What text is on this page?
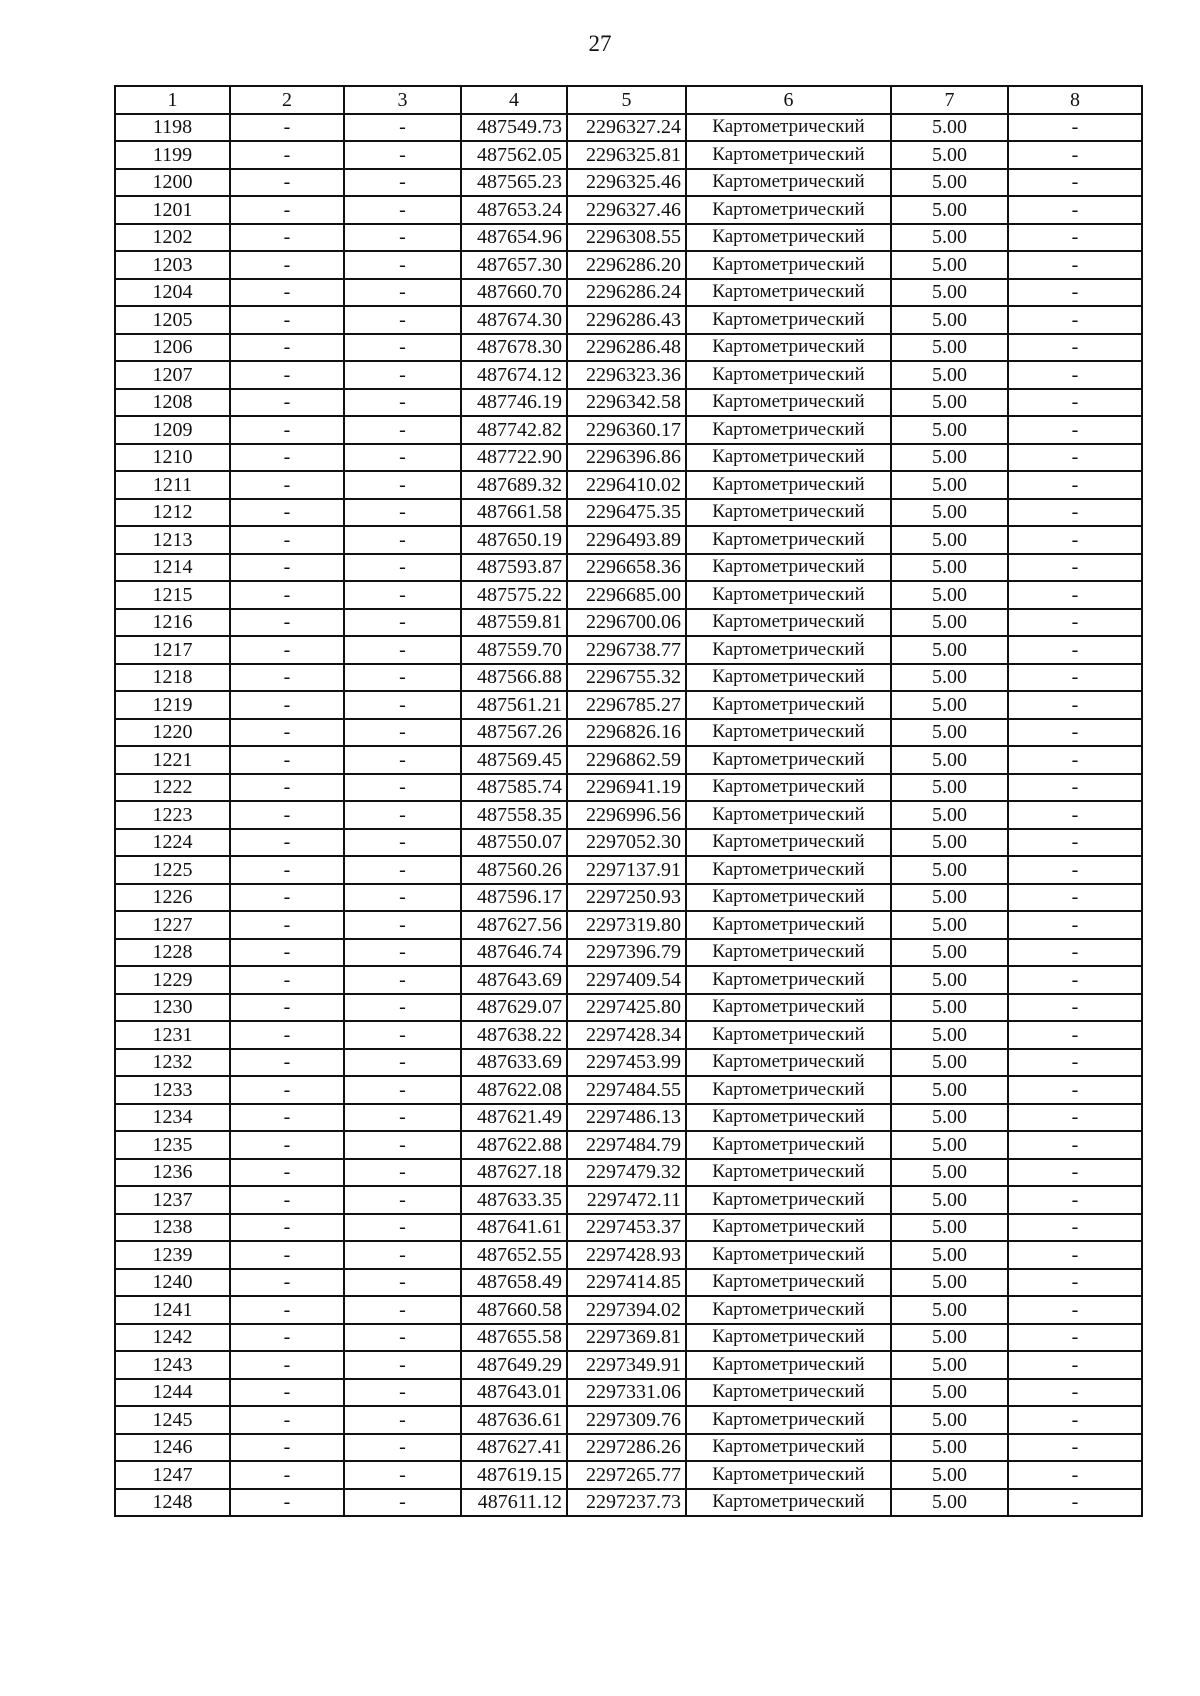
27
1	2	3	4	5	6	7	8
1198	-	-	487549.73	2296327.24	Картометрический	5.00	-
1199	-	-	487562.05	2296325.81	Картометрический	5.00	-
1200	-	-	487565.23	2296325.46	Картометрический	5.00	-
1201	-	-	487653.24	2296327.46	Картометрический	5.00	-
1202	-	-	487654.96	2296308.55	Картометрический	5.00	-
1203	-	-	487657.30	2296286.20	Картометрический	5.00	-
1204	-	-	487660.70	2296286.24	Картометрический	5.00	-
1205	-	-	487674.30	2296286.43	Картометрический	5.00	-
1206	-	-	487678.30	2296286.48	Картометрический	5.00	-
1207	-	-	487674.12	2296323.36	Картометрический	5.00	-
1208	-	-	487746.19	2296342.58	Картометрический	5.00	-
1209	-	-	487742.82	2296360.17	Картометрический	5.00	-
1210	-	-	487722.90	2296396.86	Картометрический	5.00	-
1211	-	-	487689.32	2296410.02	Картометрический	5.00	-
1212	-	-	487661.58	2296475.35	Картометрический	5.00	-
1213	-	-	487650.19	2296493.89	Картометрический	5.00	-
1214	-	-	487593.87	2296658.36	Картометрический	5.00	-
1215	-	-	487575.22	2296685.00	Картометрический	5.00	-
1216	-	-	487559.81	2296700.06	Картометрический	5.00	-
1217	-	-	487559.70	2296738.77	Картометрический	5.00	-
1218	-	-	487566.88	2296755.32	Картометрический	5.00	-
1219	-	-	487561.21	2296785.27	Картометрический	5.00	-
1220	-	-	487567.26	2296826.16	Картометрический	5.00	-
1221	-	-	487569.45	2296862.59	Картометрический	5.00	-
1222	-	-	487585.74	2296941.19	Картометрический	5.00	-
1223	-	-	487558.35	2296996.56	Картометрический	5.00	-
1224	-	-	487550.07	2297052.30	Картометрический	5.00	-
1225	-	-	487560.26	2297137.91	Картометрический	5.00	-
1226	-	-	487596.17	2297250.93	Картометрический	5.00	-
1227	-	-	487627.56	2297319.80	Картометрический	5.00	-
1228	-	-	487646.74	2297396.79	Картометрический	5.00	-
1229	-	-	487643.69	2297409.54	Картометрический	5.00	-
1230	-	-	487629.07	2297425.80	Картометрический	5.00	-
1231	-	-	487638.22	2297428.34	Картометрический	5.00	-
1232	-	-	487633.69	2297453.99	Картометрический	5.00	-
1233	-	-	487622.08	2297484.55	Картометрический	5.00	-
1234	-	-	487621.49	2297486.13	Картометрический	5.00	-
1235	-	-	487622.88	2297484.79	Картометрический	5.00	-
1236	-	-	487627.18	2297479.32	Картометрический	5.00	-
1237	-	-	487633.35	2297472.11	Картометрический	5.00	-
1238	-	-	487641.61	2297453.37	Картометрический	5.00	-
1239	-	-	487652.55	2297428.93	Картометрический	5.00	-
1240	-	-	487658.49	2297414.85	Картометрический	5.00	-
1241	-	-	487660.58	2297394.02	Картометрический	5.00	-
1242	-	-	487655.58	2297369.81	Картометрический	5.00	-
1243	-	-	487649.29	2297349.91	Картометрический	5.00	-
1244	-	-	487643.01	2297331.06	Картометрический	5.00	-
1245	-	-	487636.61	2297309.76	Картометрический	5.00	-
1246	-	-	487627.41	2297286.26	Картометрический	5.00	-
1247	-	-	487619.15	2297265.77	Картометрический	5.00	-
1248	-	-	487611.12	2297237.73	Картометрический	5.00	-
